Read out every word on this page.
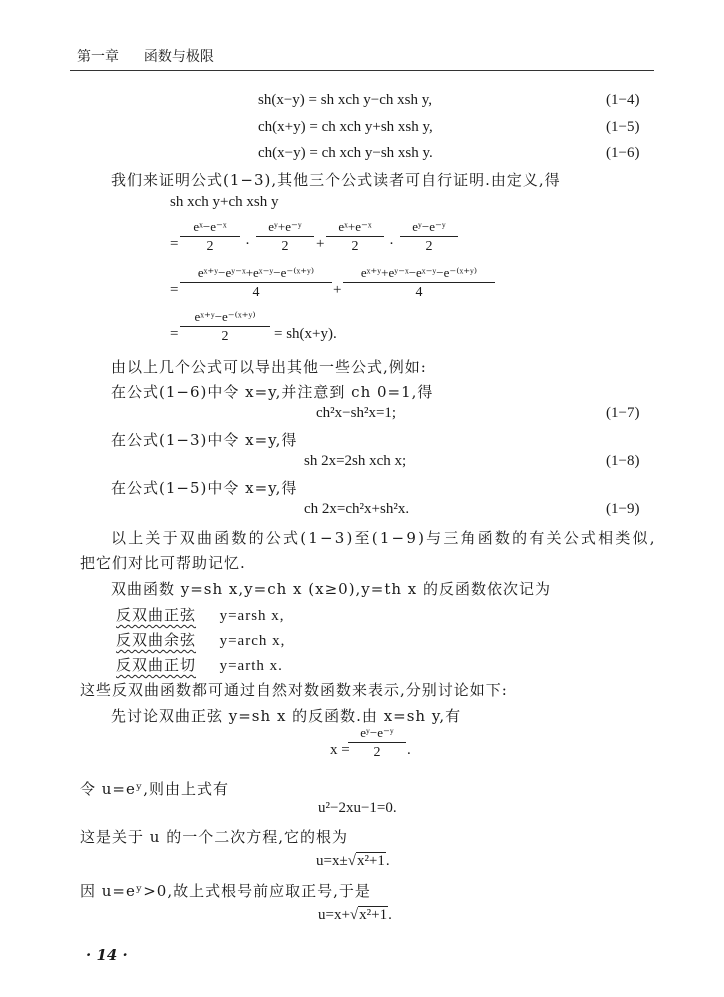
第一章 函数与极限
sh(x−y) = sh xch y−ch xsh y,	(1−4)
ch(x+y) = ch xch y+sh xsh y,	(1−5)
ch(x−y) = ch xch y−sh xsh y.	(1−6)
我们来证明公式(1−3),其他三个公式读者可自行证明.由定义,得
sh xch y+ch xsh y
= $\frac{\text{eˣ−e⁻ˣ}}{2} \cdot \frac{\text{eʸ+e⁻ʸ}}{2} + \frac{\text{eˣ+e⁻ˣ}}{2} \cdot \frac{\text{eʸ−e⁻ʸ}}{2}$
= $\frac{\text{eˣ⁺ʸ−eʸ⁻ˣ+eˣ⁻ʸ−e⁻⁽ˣ⁺ʸ⁾}}{4} + \frac{\text{eˣ⁺ʸ+eʸ⁻ˣ−eˣ⁻ʸ−e⁻⁽ˣ⁺ʸ⁾}}{4}$
= $\frac{\text{eˣ⁺ʸ−e⁻⁽ˣ⁺ʸ⁾}}{2} = sh(x+y)$.
由以上几个公式可以导出其他一些公式,例如:
在公式(1−6)中令 x=y,并注意到 ch 0=1,得
ch²x−sh²x=1;	(1−7)
在公式(1−3)中令 x=y,得
sh 2x=2sh xch x;	(1−8)
在公式(1−5)中令 x=y,得
ch 2x=ch²x+sh²x.	(1−9)
以上关于双曲函数的公式(1−3)至(1−9)与三角函数的有关公式相类似,
把它们对比可帮助记忆.
双曲函数 y=sh x,y=ch x (x≥0),y=th x 的反函数依次记为
反双曲正弦 y=arsh x,
反双曲余弦 y=arch x,
反双曲正切 y=arth x.
这些反双曲函数都可通过自然对数函数来表示,分别讨论如下:
先讨论双曲正弦 y=sh x 的反函数.由 x=sh y,有
x =
$\frac{\text{eʸ−e⁻ʸ}}{2}$ .
令 u=eʸ,则由上式有
u²−2xu−1=0.
这是关于 u 的一个二次方程,它的根为
u=x±√x²+1.
因 u=eʸ>0,故上式根号前应取正号,于是
u=x+√x²+1.
· 14 ·
